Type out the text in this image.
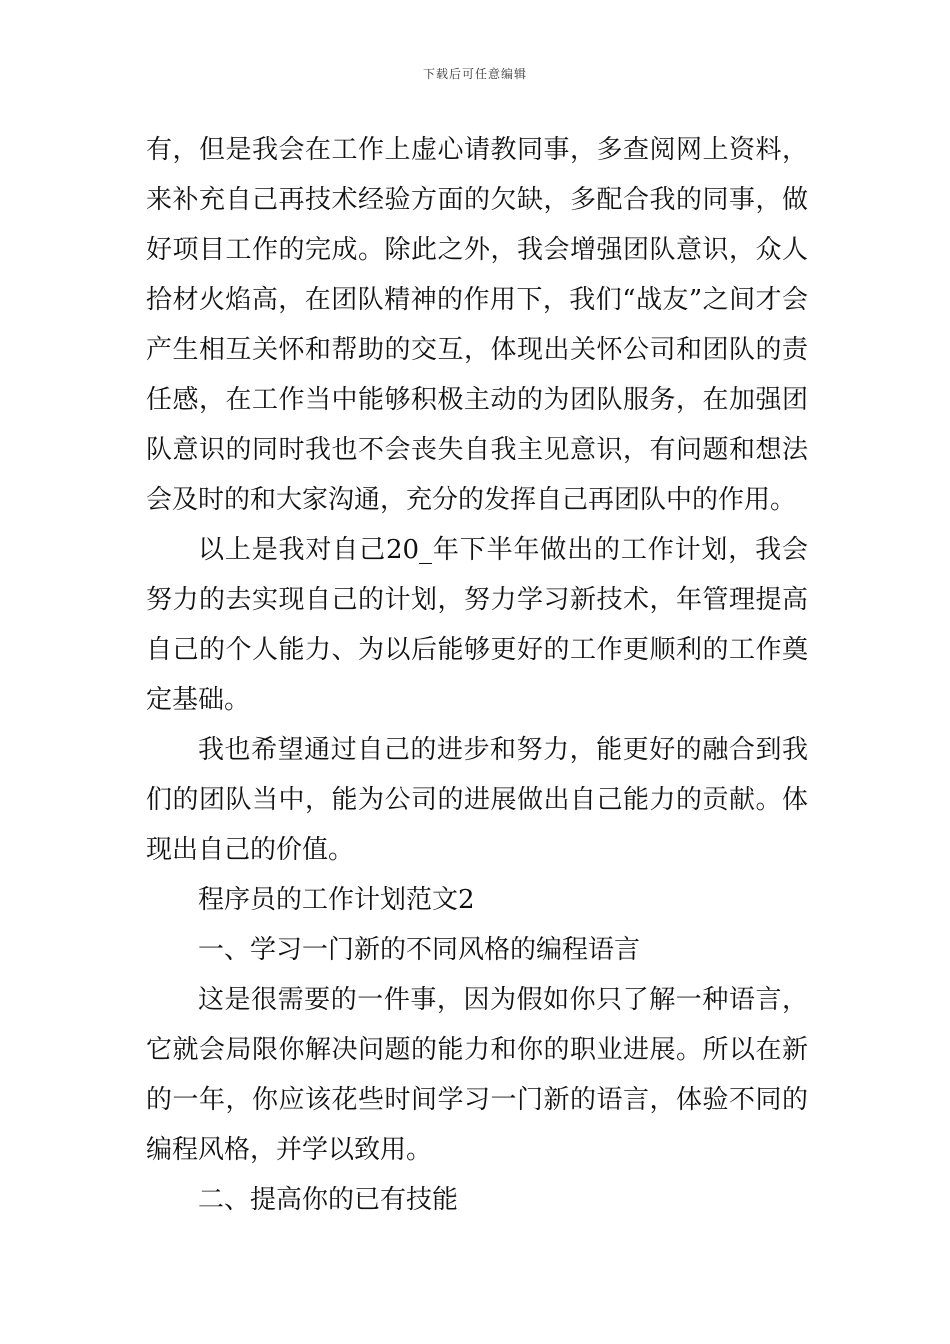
下载后可任意编辑

有，但是我会在工作上虚心请教同事，多查阅网上资料，来补充自己再技术经验方面的欠缺，多配合我的同事，做好项目工作的完成。除此之外，我会增强团队意识，众人拾材火焰高，在团队精神的作用下，我们“战友”之间才会产生相互关怀和帮助的交互，体现出关怀公司和团队的责任感，在工作当中能够积极主动的为团队服务，在加强团队意识的同时我也不会丧失自我主见意识，有问题和想法会及时的和大家沟通，充分的发挥自己再团队中的作用。

以上是我对自己20_年下半年做出的工作计划，我会努力的去实现自己的计划，努力学习新技术，年管理提高自己的个人能力、为以后能够更好的工作更顺利的工作奠定基础。

我也希望通过自己的进步和努力，能更好的融合到我们的团队当中，能为公司的进展做出自己能力的贡献。体现出自己的价值。

程序员的工作计划范文2

一、学习一门新的不同风格的编程语言

这是很需要的一件事，因为假如你只了解一种语言，它就会局限你解决问题的能力和你的职业进展。所以在新的一年，你应该花些时间学习一门新的语言，体验不同的编程风格，并学以致用。

二、提高你的已有技能
